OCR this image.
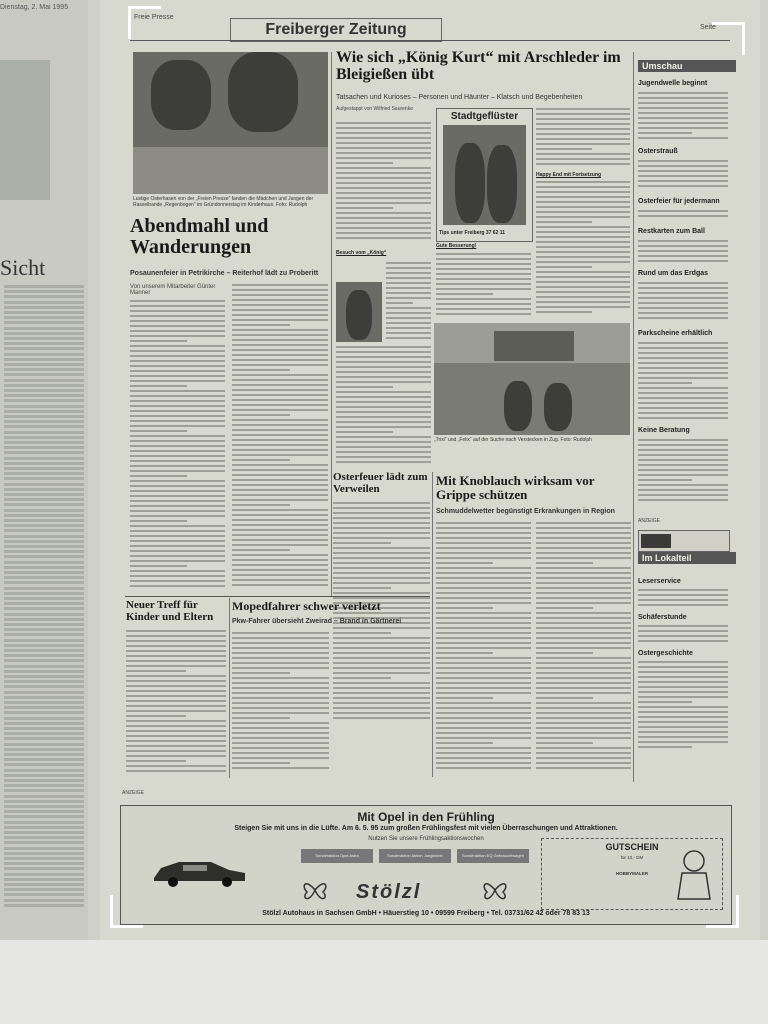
Dienstag, 2. Mai 1995
Sicht
Freie Presse
Freiberger Zeitung	Seite
Lustige Osterhasen von der „Freien Presse“ fanden die Mädchen und Jungen der Rasselbande „Regenbogen“ im Gründonnerstag im Kinderhaus. Foto: Rudolph
Abendmahl und Wanderungen
Posaunenfeier in Petrikirche – Reiterhof lädt zu Proberitt
Von unserem Mitarbeiter Günter Manner
Wie sich „König Kurt“ mit Arschleder im Bleigießen übt
Tatsachen und Kurioses – Personen und Häunter – Klatsch und Begebenheiten
Aufgestappt von Wilfried Saurenke
Stadtgeflüster
Tips unter Freiberg 37 62 11
Happy End mit Fortsetzung
Gute Besserung!
Besuch vom „König“
„Trixi“ und „Felix“ auf der Suche nach Verstecken in Zug. Foto: Rudolph
Osterfeuer lädt zum Verweilen
Mit Knoblauch wirksam vor Grippe schützen
Schmuddelwetter begünstigt Erkrankungen in Region
Neuer Treff für Kinder und Eltern
Mopedfahrer schwer verletzt
Pkw-Fahrer übersieht Zweirad – Brand in Gärtnerei
Umschau
Jugendwelle beginnt
Osterstrauß
Osterfeier für jedermann
Restkarten zum Ball
Rund um das Erdgas
Parkscheine erhältlich
Keine Beratung
ANZEIGE
Im Lokalteil
Leserservice
Schäferstunde
Ostergeschichte
ANZEIGE
Mit Opel in den Frühling
Steigen Sie mit uns in die Lüfte. Am 6. 5. 95 zum großen Frühlingsfest mit vielen Überraschungen und Attraktionen.
Nutzen Sie unsere Frühlingsaktionswochen
Sonderaktion Opel Astra	Sonderaktion Aktion Jungfahrer	Sonderaktion EQ Gebrauchtwagen
Stölzl
GUTSCHEIN
für 10,- DM
HOBBYMALER
Stölzl Autohaus in Sachsen GmbH • Häuerstieg 10 • 09599 Freiberg • Tel. 03731/62 42 oder 78 83 13
